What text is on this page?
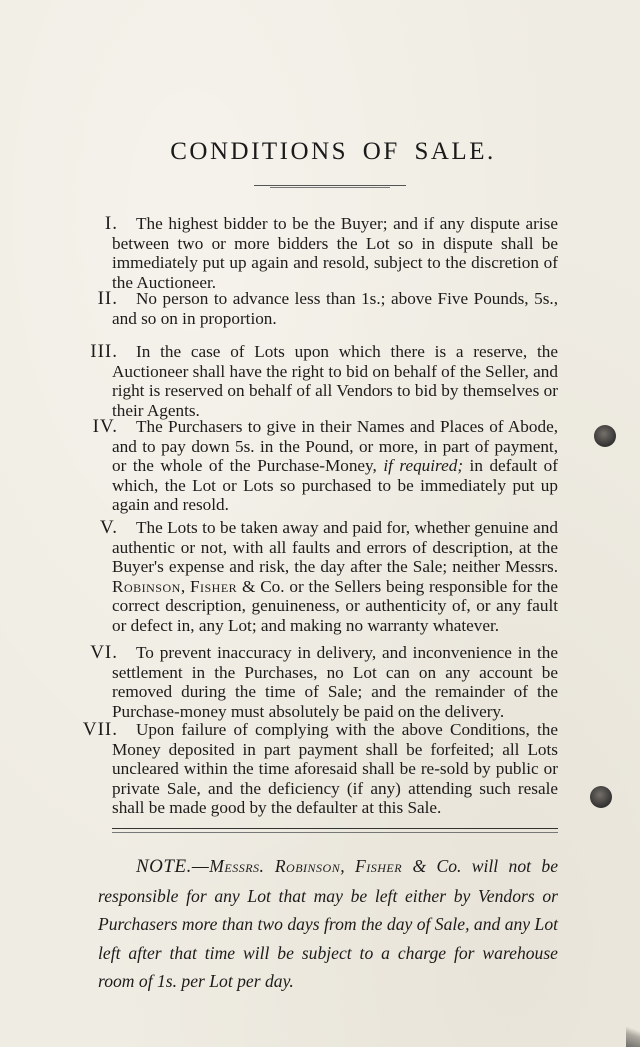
CONDITIONS OF SALE.
I.	The highest bidder to be the Buyer; and if any dispute arise between two or more bidders the Lot so in dispute shall be immediately put up again and resold, subject to the discretion of the Auctioneer.
II.	No person to advance less than 1s.; above Five Pounds, 5s., and so on in proportion.
III.	In the case of Lots upon which there is a reserve, the Auctioneer shall have the right to bid on behalf of the Seller, and right is reserved on behalf of all Vendors to bid by themselves or their Agents.
IV.	The Purchasers to give in their Names and Places of Abode, and to pay down 5s. in the Pound, or more, in part of payment, or the whole of the Purchase-Money, if required; in default of which, the Lot or Lots so purchased to be immediately put up again and resold.
V.	The Lots to be taken away and paid for, whether genuine and authentic or not, with all faults and errors of description, at the Buyer's expense and risk, the day after the Sale; neither Messrs. Robinson, Fisher & Co. or the Sellers being responsible for the correct description, genuineness, or authenticity of, or any fault or defect in, any Lot; and making no warranty whatever.
VI.	To prevent inaccuracy in delivery, and inconvenience in the settlement in the Purchases, no Lot can on any account be removed during the time of Sale; and the remainder of the Purchase-money must absolutely be paid on the delivery.
VII.	Upon failure of complying with the above Conditions, the Money deposited in part payment shall be forfeited; all Lots uncleared within the time aforesaid shall be re-sold by public or private Sale, and the deficiency (if any) attending such resale shall be made good by the defaulter at this Sale.
NOTE.—Messrs. Robinson, Fisher & Co. will not be responsible for any Lot that may be left either by Vendors or Purchasers more than two days from the day of Sale, and any Lot left after that time will be subject to a charge for warehouse room of 1s. per Lot per day.
